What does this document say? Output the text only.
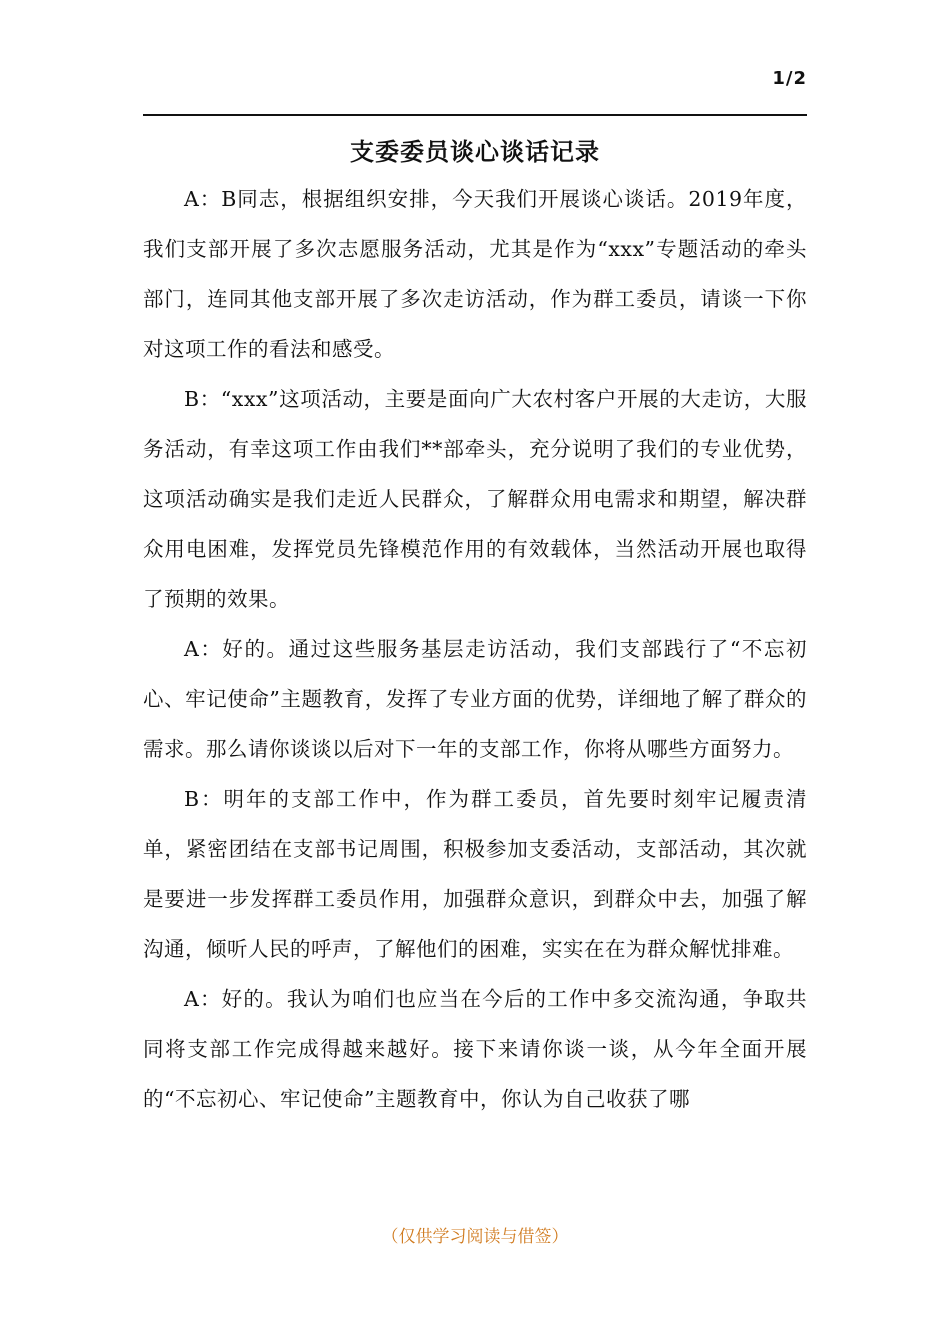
1/2
支委委员谈心谈话记录

A：B同志，根据组织安排，今天我们开展谈心谈话。2019年度，我们支部开展了多次志愿服务活动，尤其是作为“xxx”专题活动的牵头部门，连同其他支部开展了多次走访活动，作为群工委员，请谈一下你对这项工作的看法和感受。

B：“xxx”这项活动，主要是面向广大农村客户开展的大走访，大服务活动，有幸这项工作由我们**部牵头，充分说明了我们的专业优势，这项活动确实是我们走近人民群众，了解群众用电需求和期望，解决群众用电困难，发挥党员先锋模范作用的有效载体，当然活动开展也取得了预期的效果。

A：好的。通过这些服务基层走访活动，我们支部践行了“不忘初心、牢记使命”主题教育，发挥了专业方面的优势，详细地了解了群众的需求。那么请你谈谈以后对下一年的支部工作，你将从哪些方面努力。

B：明年的支部工作中，作为群工委员，首先要时刻牢记履责清单，紧密团结在支部书记周围，积极参加支委活动，支部活动，其次就是要进一步发挥群工委员作用，加强群众意识，到群众中去，加强了解沟通，倾听人民的呼声，了解他们的困难，实实在在为群众解忧排难。

A：好的。我认为咱们也应当在今后的工作中多交流沟通，争取共同将支部工作完成得越来越好。接下来请你谈一谈，从今年全面开展的“不忘初心、牢记使命”主题教育中，你认为自己收获了哪

（仅供学习阅读与借签）
